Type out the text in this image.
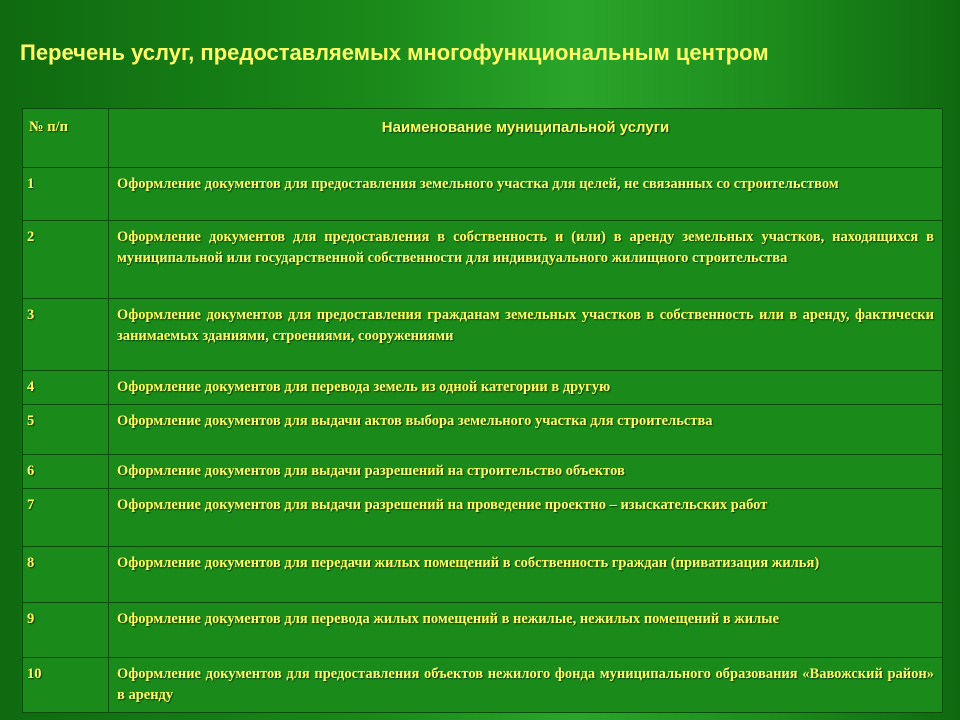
Перечень услуг, предоставляемых многофункциональным центром
№ п/п	Наименование муниципальной услуги
1	Оформление документов для предоставления земельного участка для целей, не связанных со строительством
2	Оформление документов для предоставления в собственность и (или) в аренду земельных участков, находящихся в муниципальной или государственной собственности для индивидуального жилищного строительства
3	Оформление документов для предоставления гражданам земельных участков в собственность или в аренду, фактически занимаемых зданиями, строениями, сооружениями
4	Оформление документов для перевода земель из одной категории в другую
5	Оформление документов для выдачи актов выбора земельного участка для строительства
6	Оформление документов для выдачи разрешений на строительство объектов
7	Оформление документов для выдачи разрешений на проведение проектно – изыскательских работ
8	Оформление документов для передачи жилых помещений в собственность граждан (приватизация жилья)
9	Оформление документов для перевода жилых помещений в нежилые, нежилых помещений в жилые
10	Оформление документов для предоставления объектов нежилого фонда муниципального образования «Вавожский район» в аренду
